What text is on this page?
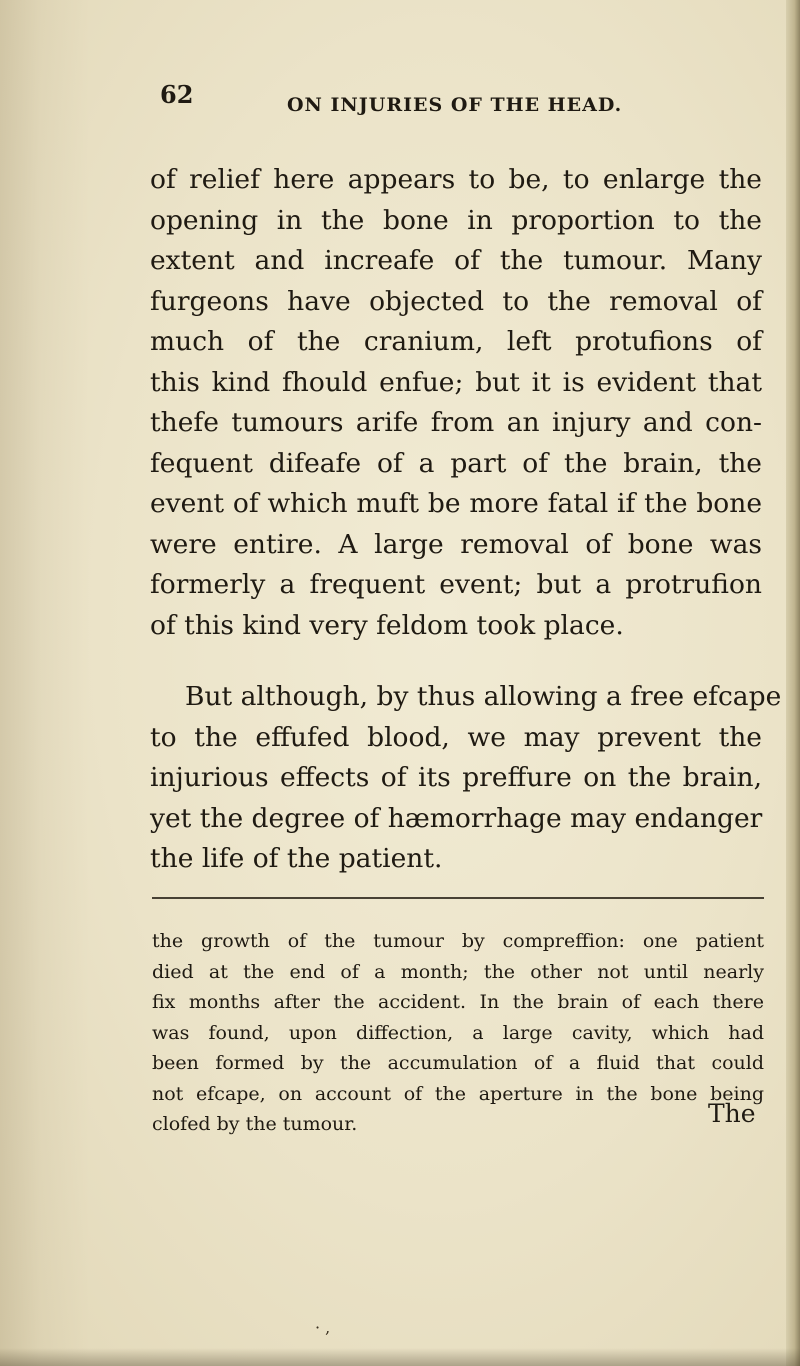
62	ON INJURIES OF THE HEAD.
of relief here appears to be, to enlarge the
opening in the bone in proportion to the
extent and increafe of the tumour. Many
furgeons have objected to the removal of
much of the cranium, left protufions of
this kind fhould enfue; but it is evident that
thefe tumours arife from an injury and con-
fequent difeafe of a part of the brain, the
event of which muft be more fatal if the bone
were entire. A large removal of bone was
formerly a frequent event; but a protrufion
of this kind very feldom took place.
But although, by thus allowing a free efcape
to the effufed blood, we may prevent the
injurious effects of its preffure on the brain,
yet the degree of hæmorrhage may endanger
the life of the patient.
the growth of the tumour by compreffion: one patient
died at the end of a month; the other not until nearly
fix months after the accident. In the brain of each there
was found, upon diffection, a large cavity, which had
been formed by the accumulation of a fluid that could
not efcape, on account of the aperture in the bone being
clofed by the tumour.	The
· ,
